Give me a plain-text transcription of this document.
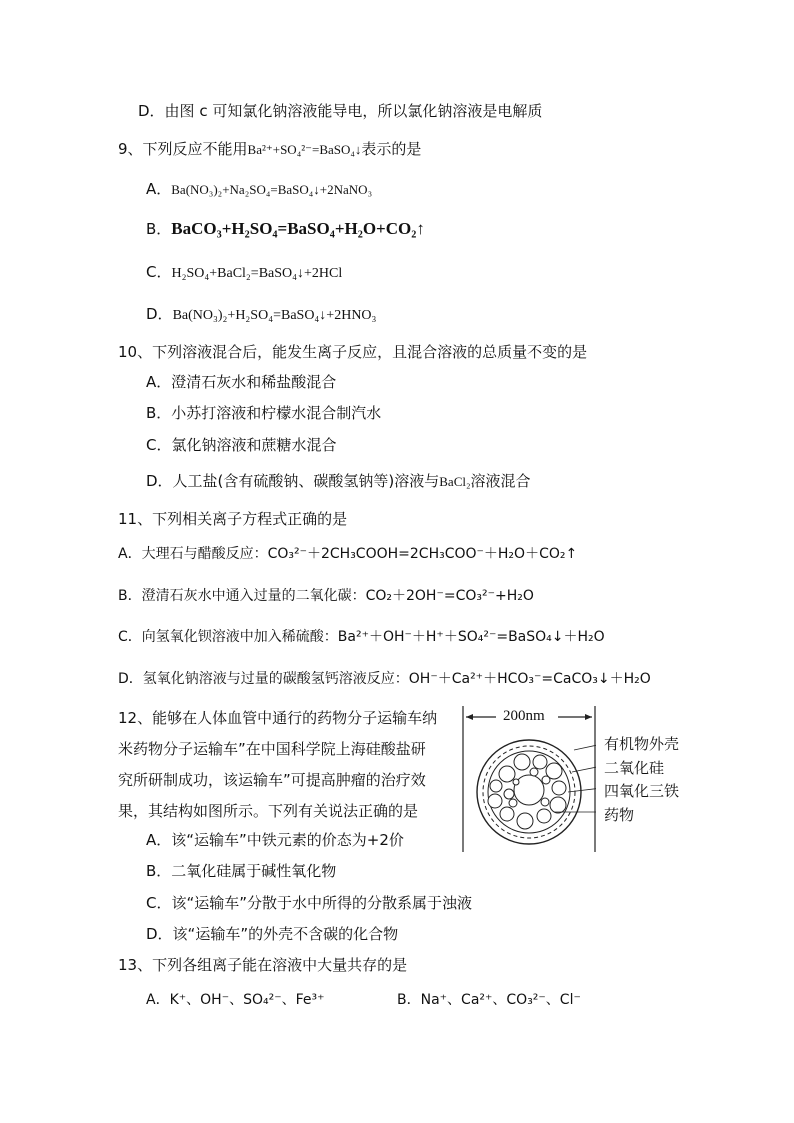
D．由图 c 可知氯化钠溶液能导电，所以氯化钠溶液是电解质
9、下列反应不能用Ba²⁺+SO₄²⁻=BaSO₄↓表示的是
A．Ba(NO₃)₂+Na₂SO₄=BaSO₄↓+2NaNO₃
B．BaCO₃+H₂SO₄=BaSO₄+H₂O+CO₂↑
C．H₂SO₄+BaCl₂=BaSO₄↓+2HCl
D．Ba(NO₃)₂+H₂SO₄=BaSO₄↓+2HNO₃
10、下列溶液混合后，能发生离子反应，且混合溶液的总质量不变的是
A．澄清石灰水和稀盐酸混合
B．小苏打溶液和柠檬水混合制汽水
C．氯化钠溶液和蔗糖水混合
D．人工盐(含有硫酸钠、碳酸氢钠等)溶液与BaCl₂溶液混合
11、下列相关离子方程式正确的是
A．大理石与醋酸反应：CO₃²⁻＋2CH₃COOH=2CH₃COO⁻＋H₂O＋CO₂↑
B．澄清石灰水中通入过量的二氧化碳：CO₂＋2OH⁻=CO₃²⁻+H₂O
C．向氢氧化钡溶液中加入稀硫酸：Ba²⁺＋OH⁻＋H⁺＋SO₄²⁻=BaSO₄↓＋H₂O
D．氢氧化钠溶液与过量的碳酸氢钙溶液反应：OH⁻＋Ca²⁺＋HCO₃⁻=CaCO₃↓＋H₂O
12、能够在人体血管中通行的药物分子运输车纳
米药物分子运输车”在中国科学院上海硅酸盐研
究所研制成功，该运输车”可提高肿瘤的治疗效
果，其结构如图所示。下列有关说法正确的是
A．该“运输车”中铁元素的价态为+2价
B．二氧化硅属于碱性氧化物
C．该“运输车”分散于水中所得的分散系属于浊液
D．该“运输车”的外壳不含碳的化合物
200nm
有机物外壳
二氧化硅
四氧化三铁
药物
13、下列各组离子能在溶液中大量共存的是
A．K⁺、OH⁻、SO₄²⁻、Fe³⁺	B．Na⁺、Ca²⁺、CO₃²⁻、Cl⁻
